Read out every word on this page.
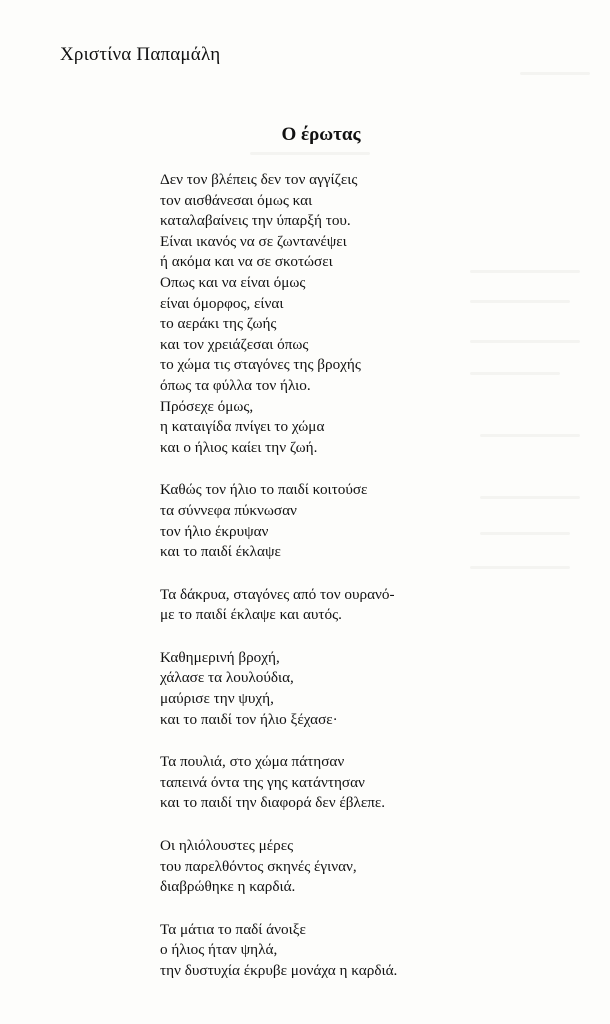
Χριστίνα Παπαμάλη
Ο έρωτας
Δεν τον βλέπεις δεν τον αγγίζεις
τον αισθάνεσαι όμως και
καταλαβαίνεις την ύπαρξή του.
Είναι ικανός να σε ζωντανέψει
ή ακόμα και να σε σκοτώσει
Οπως και να είναι όμως
είναι όμορφος, είναι
το αεράκι της ζωής
και τον χρειάζεσαι όπως
το χώμα τις σταγόνες της βροχής
όπως τα φύλλα τον ήλιο.
Πρόσεχε όμως,
η καταιγίδα πνίγει το χώμα
και ο ήλιος καίει την ζωή.
Καθώς τον ήλιο το παιδί κοιτούσε
τα σύννεφα πύκνωσαν
τον ήλιο έκρυψαν
και το παιδί έκλαψε
Τα δάκρυα, σταγόνες από τον ουρανό-
με το παιδί έκλαψε και αυτός.
Καθημερινή βροχή,
χάλασε τα λουλούδια,
μαύρισε την ψυχή,
και το παιδί τον ήλιο ξέχασε·
Τα πουλιά, στο χώμα πάτησαν
ταπεινά όντα της γης κατάντησαν
και το παιδί την διαφορά δεν έβλεπε.
Οι ηλιόλουστες μέρες
του παρελθόντος σκηνές έγιναν,
διαβρώθηκε η καρδιά.
Τα μάτια το παδί άνοιξε
ο ήλιος ήταν ψηλά,
την δυστυχία έκρυβε μονάχα η καρδιά.
